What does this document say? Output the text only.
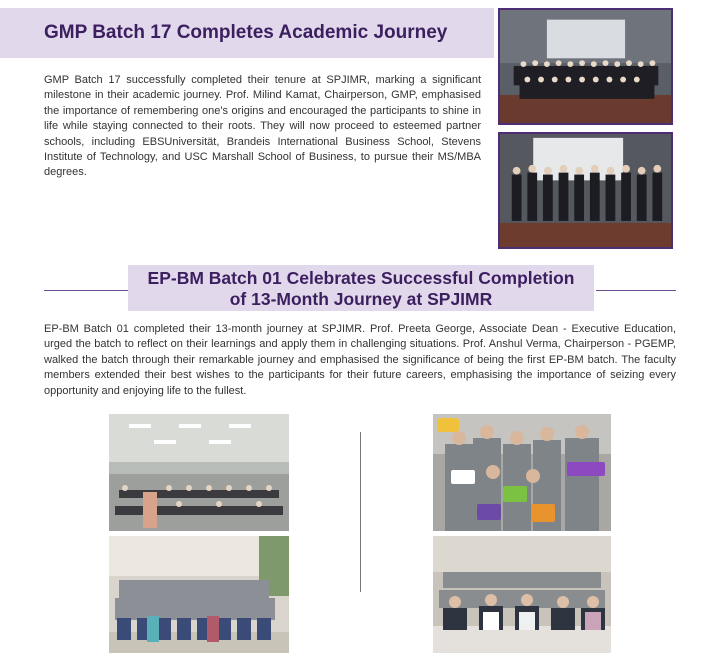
GMP Batch 17 Completes Academic Journey

GMP Batch 17 successfully completed their tenure at SPJIMR, marking a significant milestone in their academic journey. Prof. Milind Kamat, Chairperson, GMP, emphasised the importance of remembering one's origins and encouraged the participants to shine in life while staying connected to their roots. They will now proceed to esteemed partner schools, including EBSUniversität, Brandeis International Business School, Stevens Institute of Technology, and USC Marshall School of Business, to pursue their MS/MBA degrees.

EP-BM Batch 01 Celebrates Successful Completion
of 13-Month Journey at SPJIMR

EP-BM Batch 01 completed their 13-month journey at SPJIMR. Prof. Preeta George, Associate Dean - Executive Education, urged the batch to reflect on their learnings and apply them in challenging situations. Prof. Anshul Verma, Chairperson - PGEMP, walked the batch through their remarkable journey and emphasised the significance of being the first EP-BM batch. The faculty members extended their best wishes to the participants for their future careers, emphasising the importance of seizing every opportunity and enjoying life to the fullest.
